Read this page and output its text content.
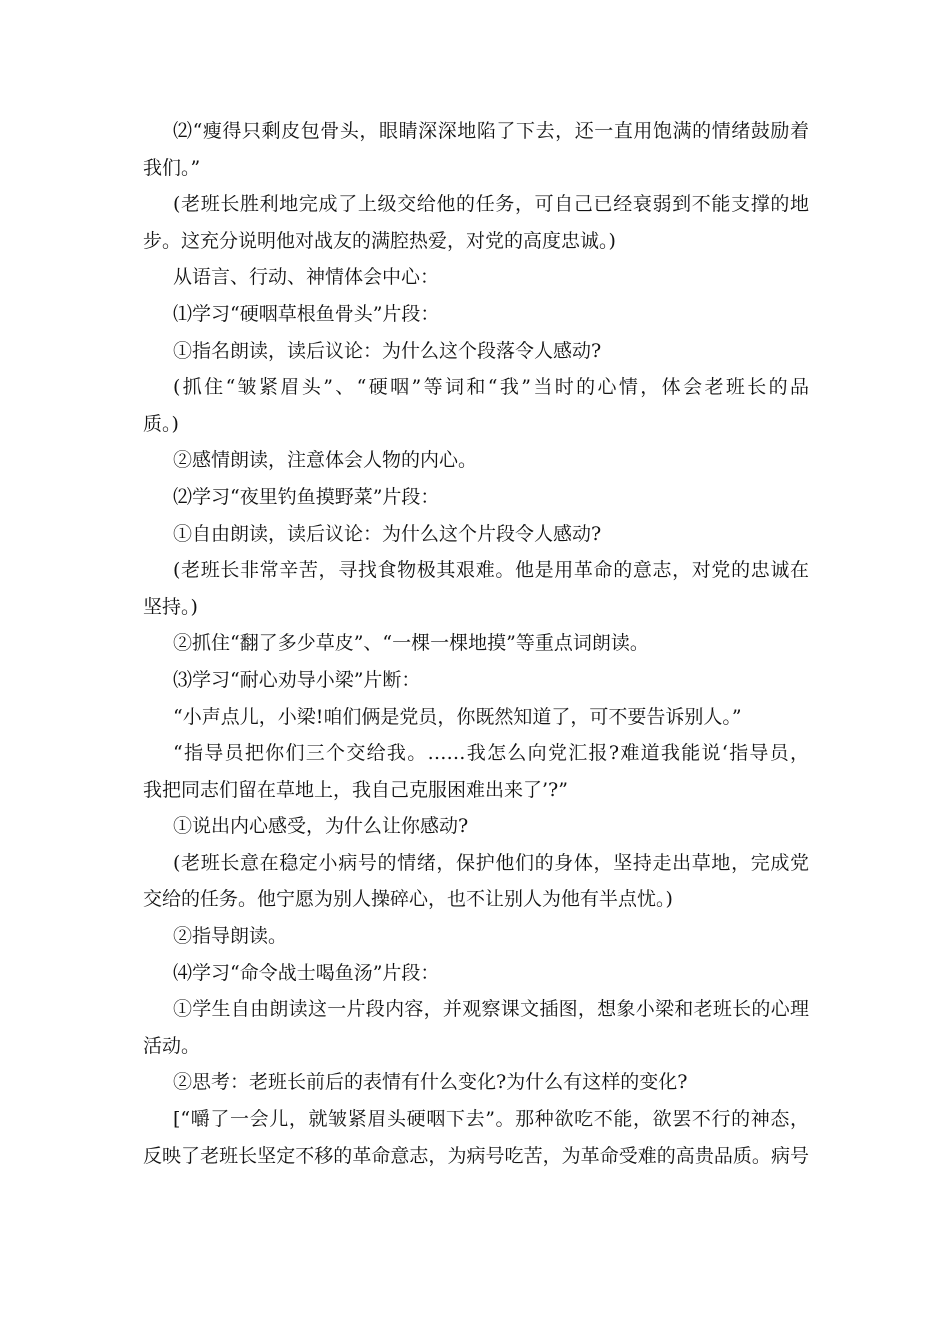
⑵“瘦得只剩皮包骨头，眼睛深深地陷了下去，还一直用饱满的情绪鼓励着
我们。”
(老班长胜利地完成了上级交给他的任务，可自己已经衰弱到不能支撑的地
步。这充分说明他对战友的满腔热爱，对党的高度忠诚。)
从语言、行动、神情体会中心：
⑴学习“硬咽草根鱼骨头”片段：
①指名朗读，读后议论：为什么这个段落令人感动?
(抓住“皱紧眉头”、“硬咽”等词和“我”当时的心情，体会老班长的品
质。)
②感情朗读，注意体会人物的内心。
⑵学习“夜里钓鱼摸野菜”片段：
①自由朗读，读后议论：为什么这个片段令人感动?
(老班长非常辛苦，寻找食物极其艰难。他是用革命的意志，对党的忠诚在
坚持。)
②抓住“翻了多少草皮”、“一棵一棵地摸”等重点词朗读。
⑶学习“耐心劝导小梁”片断：
“小声点儿，小梁!咱们俩是党员，你既然知道了，可不要告诉别人。”
“指导员把你们三个交给我。……我怎么向党汇报?难道我能说‘指导员，
我把同志们留在草地上，我自己克服困难出来了’?”
①说出内心感受，为什么让你感动?
(老班长意在稳定小病号的情绪，保护他们的身体，坚持走出草地，完成党
交给的任务。他宁愿为别人操碎心，也不让别人为他有半点忧。)
②指导朗读。
⑷学习“命令战士喝鱼汤”片段：
①学生自由朗读这一片段内容，并观察课文插图，想象小梁和老班长的心理
活动。
②思考：老班长前后的表情有什么变化?为什么有这样的变化?
[“嚼了一会儿，就皱紧眉头硬咽下去”。那种欲吃不能，欲罢不行的神态，
反映了老班长坚定不移的革命意志，为病号吃苦，为革命受难的高贵品质。病号
